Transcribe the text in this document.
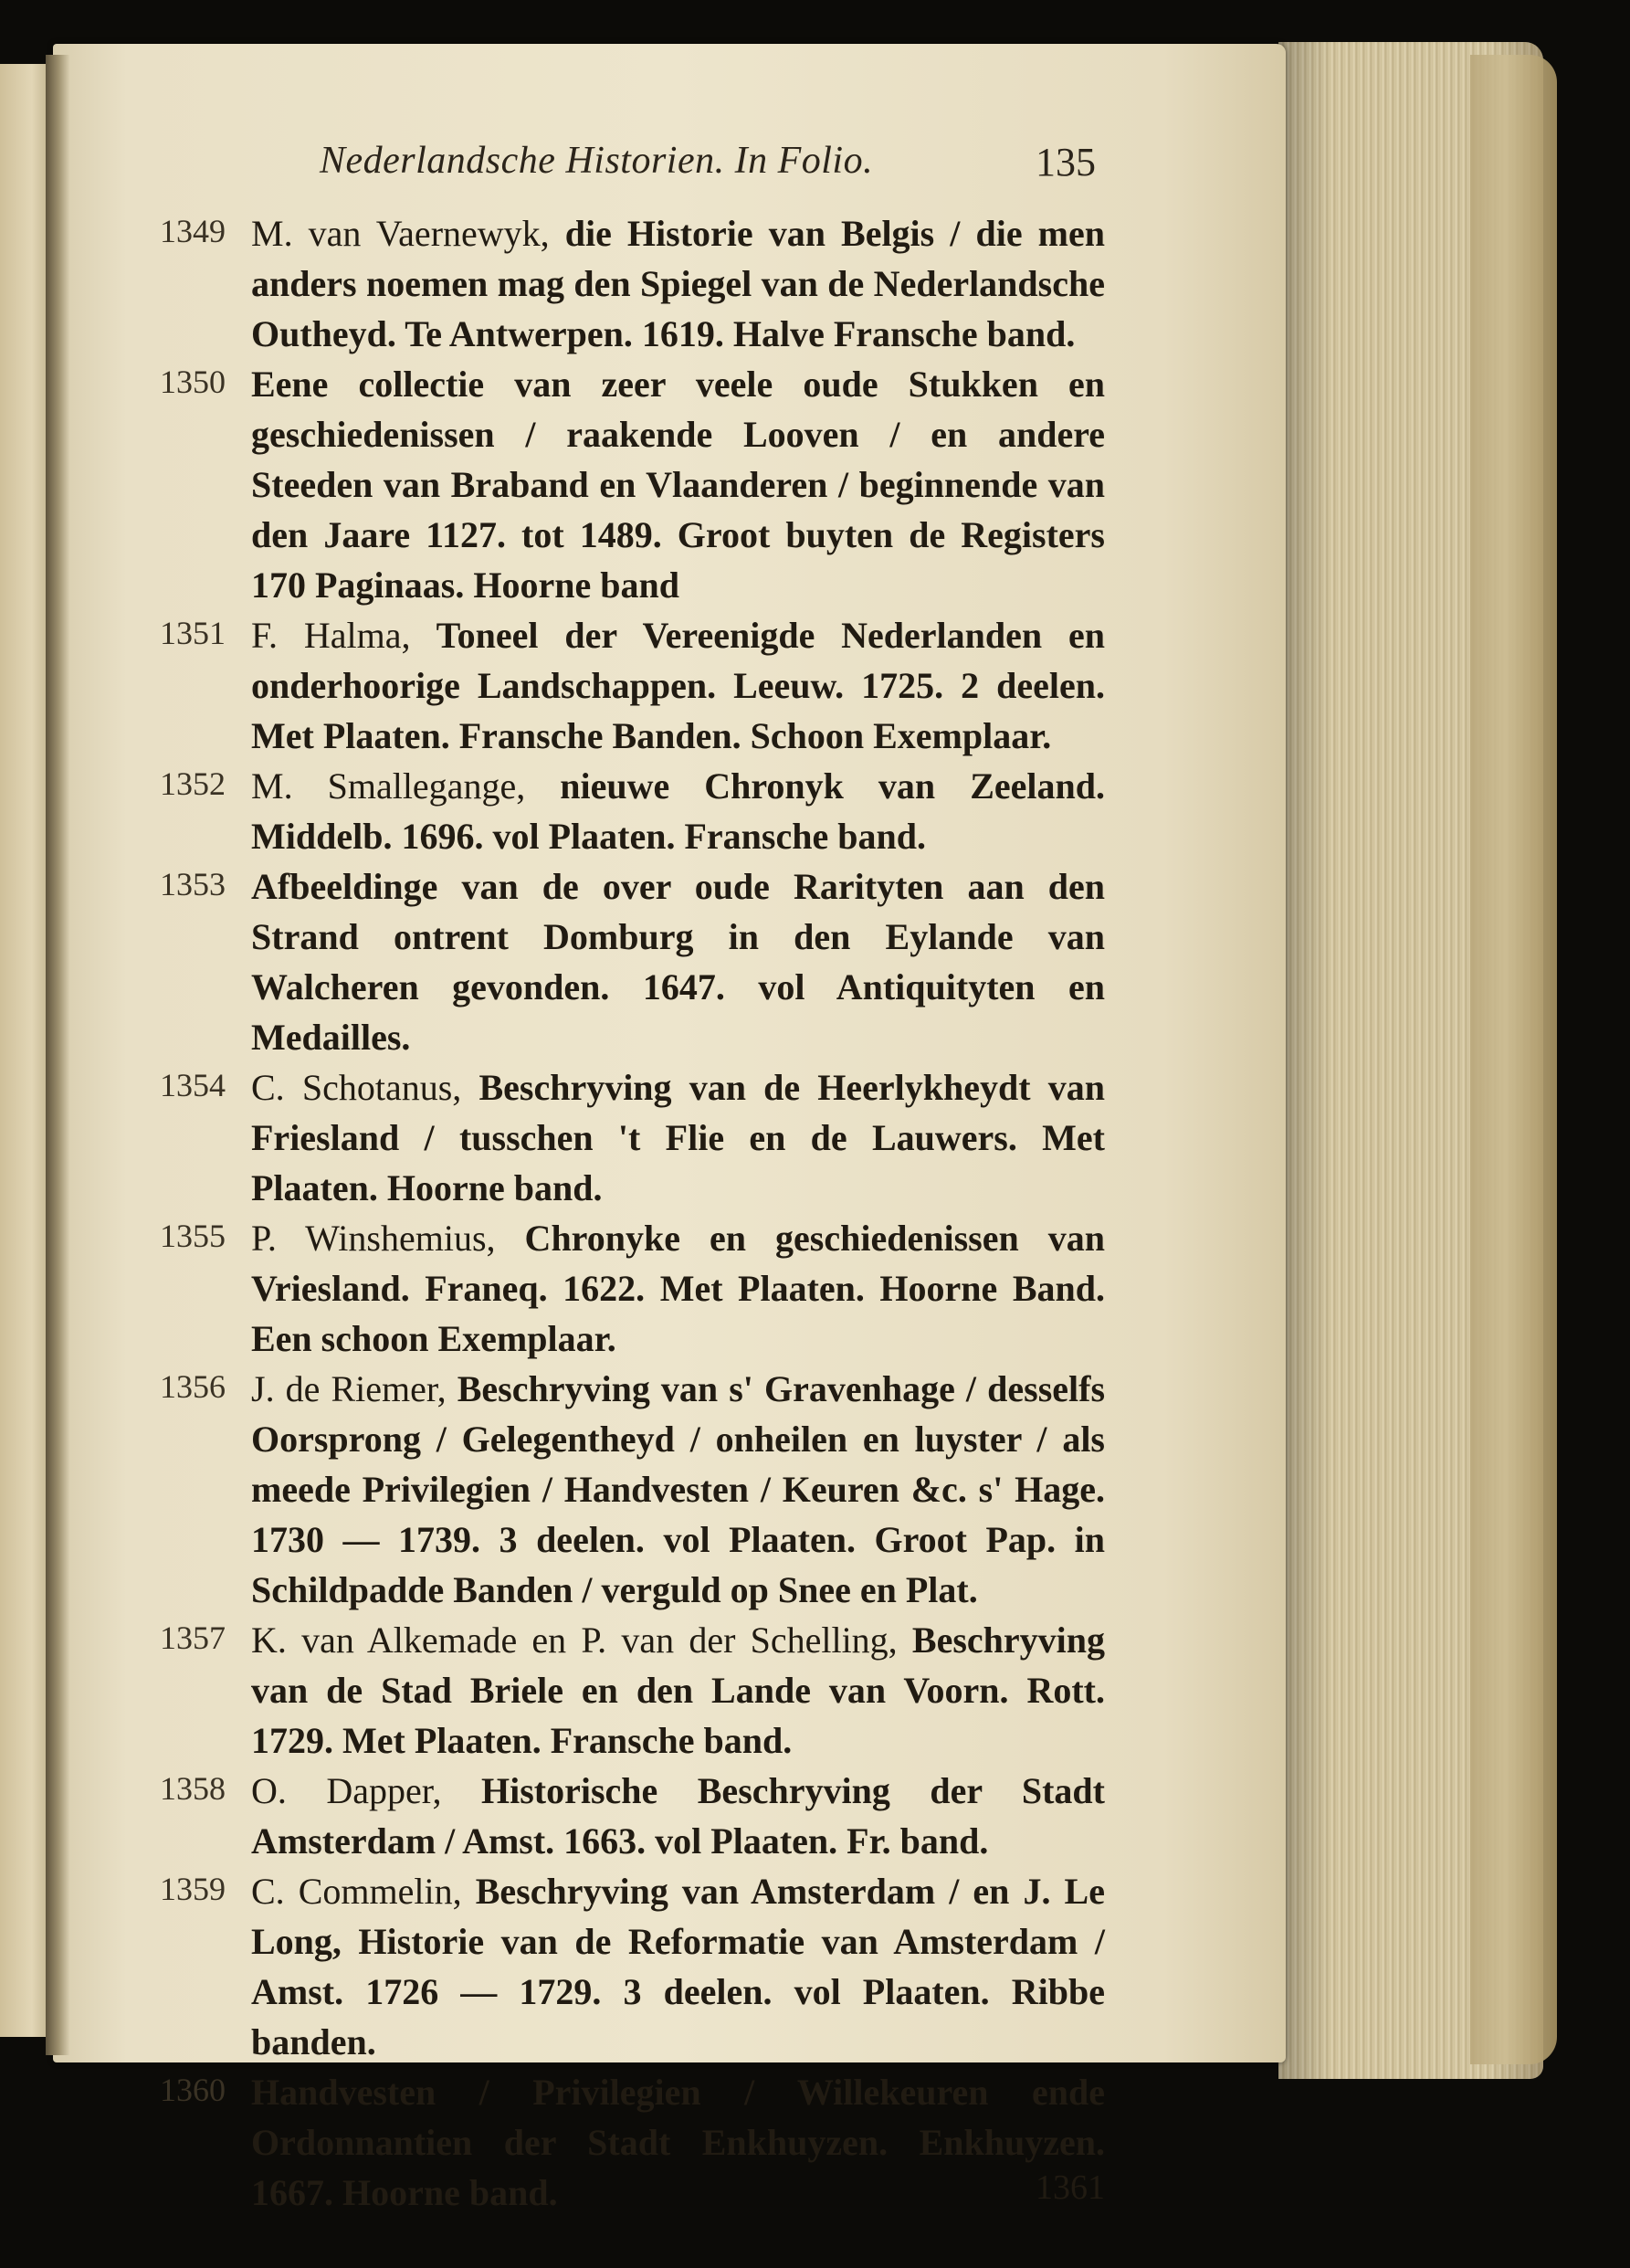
Nederlandsche Historien. In Folio.	135
1349 M. van Vaernewyk, die Historie van Belgis / die men anders noemen mag den Spiegel van de Nederlandsche Outheyd. Te Antwerpen. 1619. Halve Fransche band.
1350 Eene collectie van zeer veele oude Stukken en geschiedenissen / raakende Looven / en andere Steeden van Braband en Vlaanderen / beginnende van den Jaare 1127. tot 1489. Groot buyten de Registers 170 Paginaas. Hoorne band
1351 F. Halma, Toneel der Vereenigde Nederlanden en onderhoorige Landschappen. Leeuw. 1725. 2 deelen. Met Plaaten. Fransche Banden. Schoon Exemplaar.
1352 M. Smallegange, nieuwe Chronyk van Zeeland. Middelb. 1696. vol Plaaten. Fransche band.
1353 Afbeeldinge van de over oude Rarityten aan den Strand ontrent Domburg in den Eylande van Walcheren gevonden. 1647. vol Antiquityten en Medailles.
1354 C. Schotanus, Beschryving van de Heerlykheydt van Friesland / tusschen 't Flie en de Lauwers. Met Plaaten. Hoorne band.
1355 P. Winshemius, Chronyke en geschiedenissen van Vriesland. Franeq. 1622. Met Plaaten. Hoorne Band. Een schoon Exemplaar.
1356 J. de Riemer, Beschryving van s' Gravenhage / desselfs Oorsprong / Gelegentheyd / onheilen en luyster / als meede Privilegien / Handvesten / Keuren &c. s' Hage. 1730 — 1739. 3 deelen. vol Plaaten. Groot Pap. in Schildpadde Banden / verguld op Snee en Plat.
1357 K. van Alkemade en P. van der Schelling, Beschryving van de Stad Briele en den Lande van Voorn. Rott. 1729. Met Plaaten. Fransche band.
1358 O. Dapper, Historische Beschryving der Stadt Amsterdam / Amst. 1663. vol Plaaten. Fr. band.
1359 C. Commelin, Beschryving van Amsterdam / en J. Le Long, Historie van de Reformatie van Amsterdam / Amst. 1726 — 1729. 3 deelen. vol Plaaten. Ribbe banden.
1360 Handvesten / Privilegien / Willekeuren ende Ordonnantien der Stadt Enkhuyzen. Enkhuyzen. 1667. Hoorne band.	1361
